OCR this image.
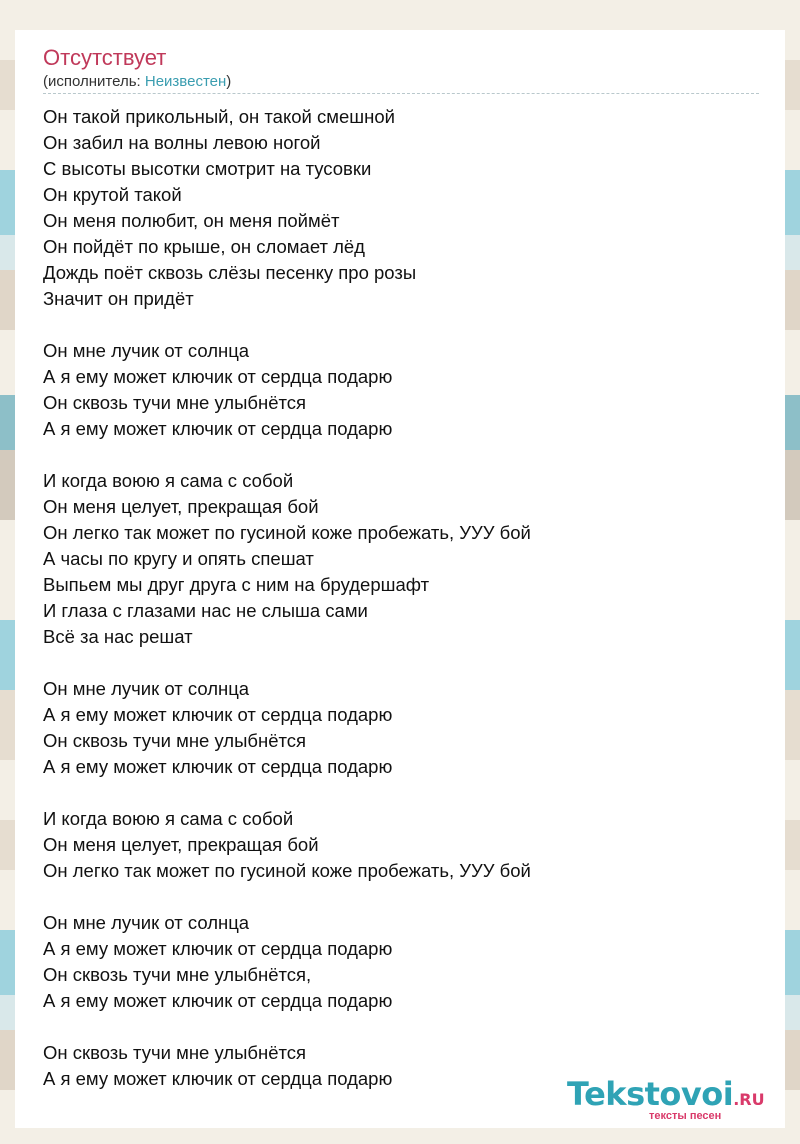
Отсутствует
(исполнитель: Неизвестен)
Он такой прикольный, он такой смешной
Он забил на волны левою ногой
С высоты высотки смотрит на тусовки
Он крутой такой
Он меня полюбит, он меня поймёт
Он пойдёт по крыше, он сломает лёд
Дождь поёт сквозь слёзы песенку про розы
Значит он придёт
Он мне лучик от солнца
А я ему может ключик от сердца подарю
Он сквозь тучи мне улыбнётся
А я ему может ключик от сердца подарю
И когда воюю я сама с собой
Он меня целует, прекращая бой
Он легко так может по гусиной коже пробежать, УУУ бой
А часы по кругу и опять спешат
Выпьем мы друг друга с ним на брудершафт
И глаза с глазами нас не слыша сами
Всё за нас решат
Он мне лучик от солнца
А я ему может ключик от сердца подарю
Он сквозь тучи мне улыбнётся
А я ему может ключик от сердца подарю
И когда воюю я сама с собой
Он меня целует, прекращая бой
Он легко так может по гусиной коже пробежать, УУУ бой
Он мне лучик от солнца
А я ему может ключик от сердца подарю
Он сквозь тучи мне улыбнётся,
А я ему может ключик от сердца подарю
Он сквозь тучи мне улыбнётся
А я ему может ключик от сердца подарю	Tekstovoi.RU
тексты песен
